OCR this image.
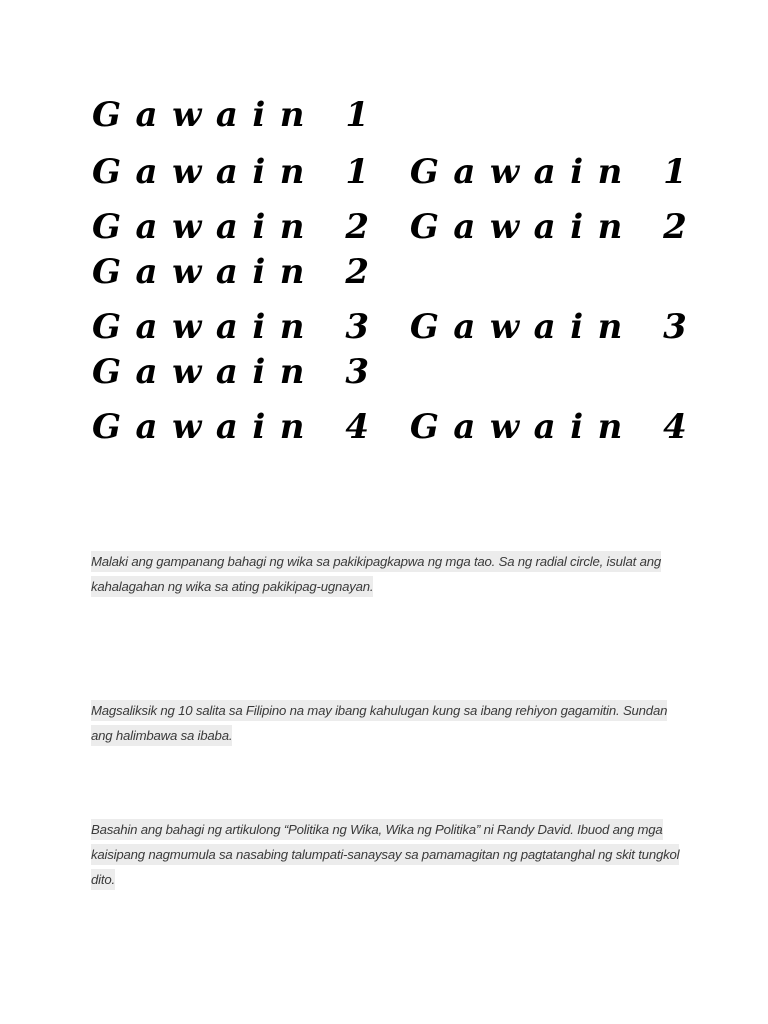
Gawain 1
Gawain 1 Gawain 1
Gawain 2 Gawain 2
Gawain 2
Gawain 3 Gawain 3
Gawain 3
Gawain 4 Gawain 4
Malaki ang gampanang bahagi ng wika sa pakikipagkapwa ng mga tao. Sa ng radial circle, isulat ang kahalagahan ng wika sa ating pakikipag-ugnayan.
Magsaliksik ng 10 salita sa Filipino na may ibang kahulugan kung sa ibang rehiyon gagamitin. Sundan ang halimbawa sa ibaba.
Basahin ang bahagi ng artikulong “Politika ng Wika, Wika ng Politika” ni Randy David. Ibuod ang mga kaisipang nagmumula sa nasabing talumpati-sanaysay sa pamamagitan ng pagtatanghal ng skit tungkol dito.
